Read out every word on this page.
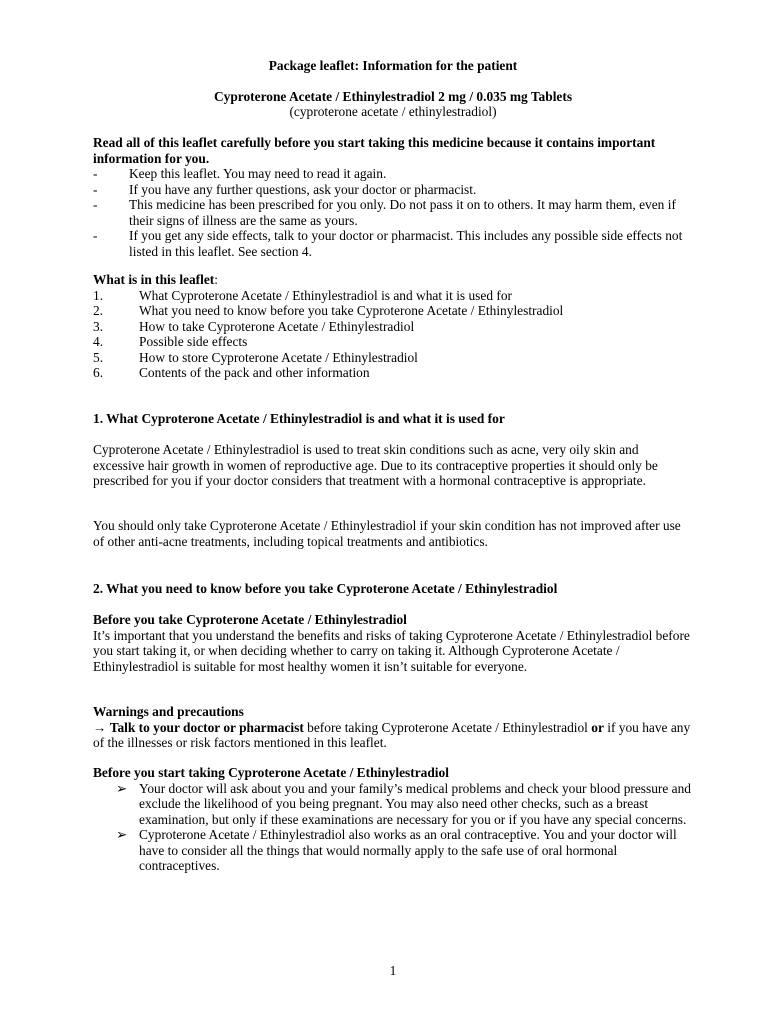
Package leaflet: Information for the patient
Cyproterone Acetate / Ethinylestradiol 2 mg / 0.035 mg Tablets
(cyproterone acetate / ethinylestradiol)

Read all of this leaflet carefully before you start taking this medicine because it contains important information for you.

-	Keep this leaflet. You may need to read it again.
-	If you have any further questions, ask your doctor or pharmacist.
-	This medicine has been prescribed for you only. Do not pass it on to others. It may harm them, even if their signs of illness are the same as yours.
-	If you get any side effects, talk to your doctor or pharmacist. This includes any possible side effects not listed in this leaflet. See section 4.

What is in this leaflet:

1.	What Cyproterone Acetate / Ethinylestradiol is and what it is used for
2.	What you need to know before you take Cyproterone Acetate / Ethinylestradiol
3.	How to take Cyproterone Acetate / Ethinylestradiol
4.	Possible side effects
5.	How to store Cyproterone Acetate / Ethinylestradiol
6.	Contents of the pack and other information
1. What Cyproterone Acetate / Ethinylestradiol is and what it is used for

Cyproterone Acetate / Ethinylestradiol is used to treat skin conditions such as acne, very oily skin and excessive hair growth in women of reproductive age. Due to its contraceptive properties it should only be prescribed for you if your doctor considers that treatment with a hormonal contraceptive is appropriate.

You should only take Cyproterone Acetate / Ethinylestradiol if your skin condition has not improved after use of other anti-acne treatments, including topical treatments and antibiotics.

2. What you need to know before you take Cyproterone Acetate / Ethinylestradiol

Before you take Cyproterone Acetate / Ethinylestradiol

It’s important that you understand the benefits and risks of taking Cyproterone Acetate / Ethinylestradiol before you start taking it, or when deciding whether to carry on taking it. Although Cyproterone Acetate / Ethinylestradiol is suitable for most healthy women it isn’t suitable for everyone.

Warnings and precautions

→ Talk to your doctor or pharmacist before taking Cyproterone Acetate / Ethinylestradiol or if you have any of the illnesses or risk factors mentioned in this leaflet.

Before you start taking Cyproterone Acetate / Ethinylestradiol

➢ Your doctor will ask about you and your family’s medical problems and check your blood pressure and exclude the likelihood of you being pregnant. You may also need other checks, such as a breast examination, but only if these examinations are necessary for you or if you have any special concerns.
➢ Cyproterone Acetate / Ethinylestradiol also works as an oral contraceptive. You and your doctor will have to consider all the things that would normally apply to the safe use of oral hormonal contraceptives.
1
